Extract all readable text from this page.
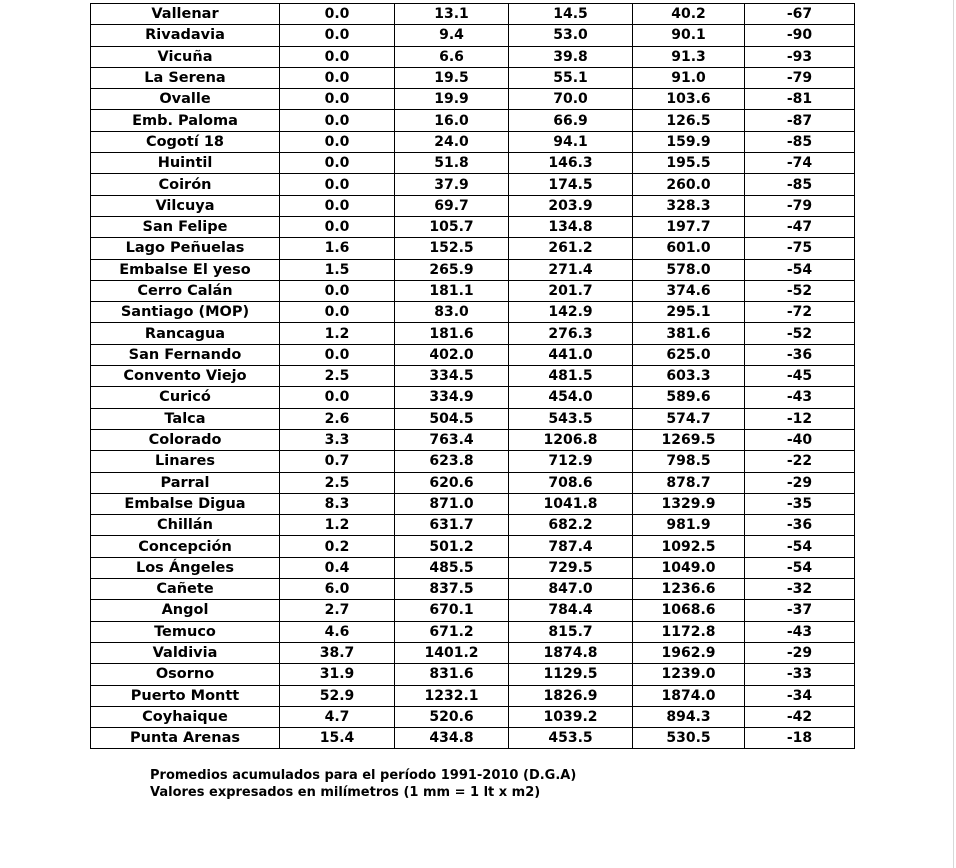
Vallenar	0.0	13.1	14.5	40.2	-67
Rivadavia	0.0	9.4	53.0	90.1	-90
Vicuña	0.0	6.6	39.8	91.3	-93
La Serena	0.0	19.5	55.1	91.0	-79
Ovalle	0.0	19.9	70.0	103.6	-81
Emb. Paloma	0.0	16.0	66.9	126.5	-87
Cogotí 18	0.0	24.0	94.1	159.9	-85
Huintil	0.0	51.8	146.3	195.5	-74
Coirón	0.0	37.9	174.5	260.0	-85
Vilcuya	0.0	69.7	203.9	328.3	-79
San Felipe	0.0	105.7	134.8	197.7	-47
Lago Peñuelas	1.6	152.5	261.2	601.0	-75
Embalse El yeso	1.5	265.9	271.4	578.0	-54
Cerro Calán	0.0	181.1	201.7	374.6	-52
Santiago (MOP)	0.0	83.0	142.9	295.1	-72
Rancagua	1.2	181.6	276.3	381.6	-52
San Fernando	0.0	402.0	441.0	625.0	-36
Convento Viejo	2.5	334.5	481.5	603.3	-45
Curicó	0.0	334.9	454.0	589.6	-43
Talca	2.6	504.5	543.5	574.7	-12
Colorado	3.3	763.4	1206.8	1269.5	-40
Linares	0.7	623.8	712.9	798.5	-22
Parral	2.5	620.6	708.6	878.7	-29
Embalse Digua	8.3	871.0	1041.8	1329.9	-35
Chillán	1.2	631.7	682.2	981.9	-36
Concepción	0.2	501.2	787.4	1092.5	-54
Los Ángeles	0.4	485.5	729.5	1049.0	-54
Cañete	6.0	837.5	847.0	1236.6	-32
Angol	2.7	670.1	784.4	1068.6	-37
Temuco	4.6	671.2	815.7	1172.8	-43
Valdivia	38.7	1401.2	1874.8	1962.9	-29
Osorno	31.9	831.6	1129.5	1239.0	-33
Puerto Montt	52.9	1232.1	1826.9	1874.0	-34
Coyhaique	4.7	520.6	1039.2	894.3	-42
Punta Arenas	15.4	434.8	453.5	530.5	-18
Promedios acumulados para el período 1991-2010 (D.G.A)
Valores expresados en milímetros (1 mm = 1 lt x m2)
